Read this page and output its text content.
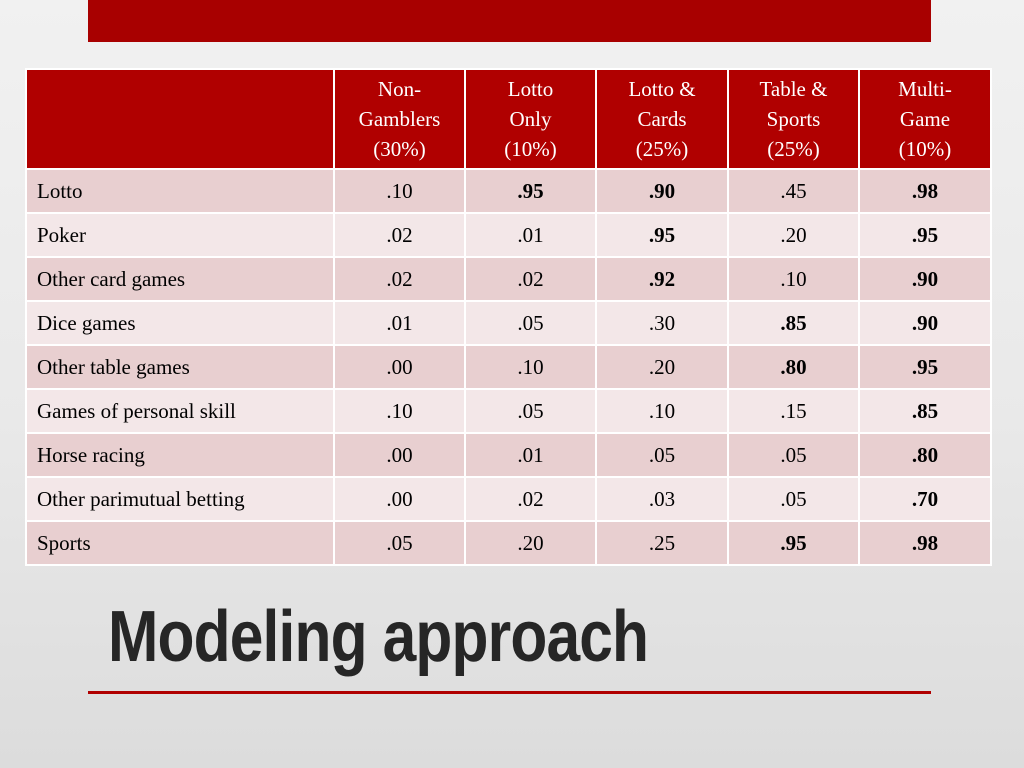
	Non-
Gamblers
(30%)	Lotto
Only
(10%)	Lotto &
Cards
(25%)	Table &
Sports
(25%)	Multi-
Game
(10%)

Lotto	.10	.95	.90	.45	.98
Poker	.02	.01	.95	.20	.95
Other card games	.02	.02	.92	.10	.90
Dice games	.01	.05	.30	.85	.90
Other table games	.00	.10	.20	.80	.95
Games of personal skill	.10	.05	.10	.15	.85
Horse racing	.00	.01	.05	.05	.80
Other parimutual betting	.00	.02	.03	.05	.70
Sports	.05	.20	.25	.95	.98
Modeling approach
